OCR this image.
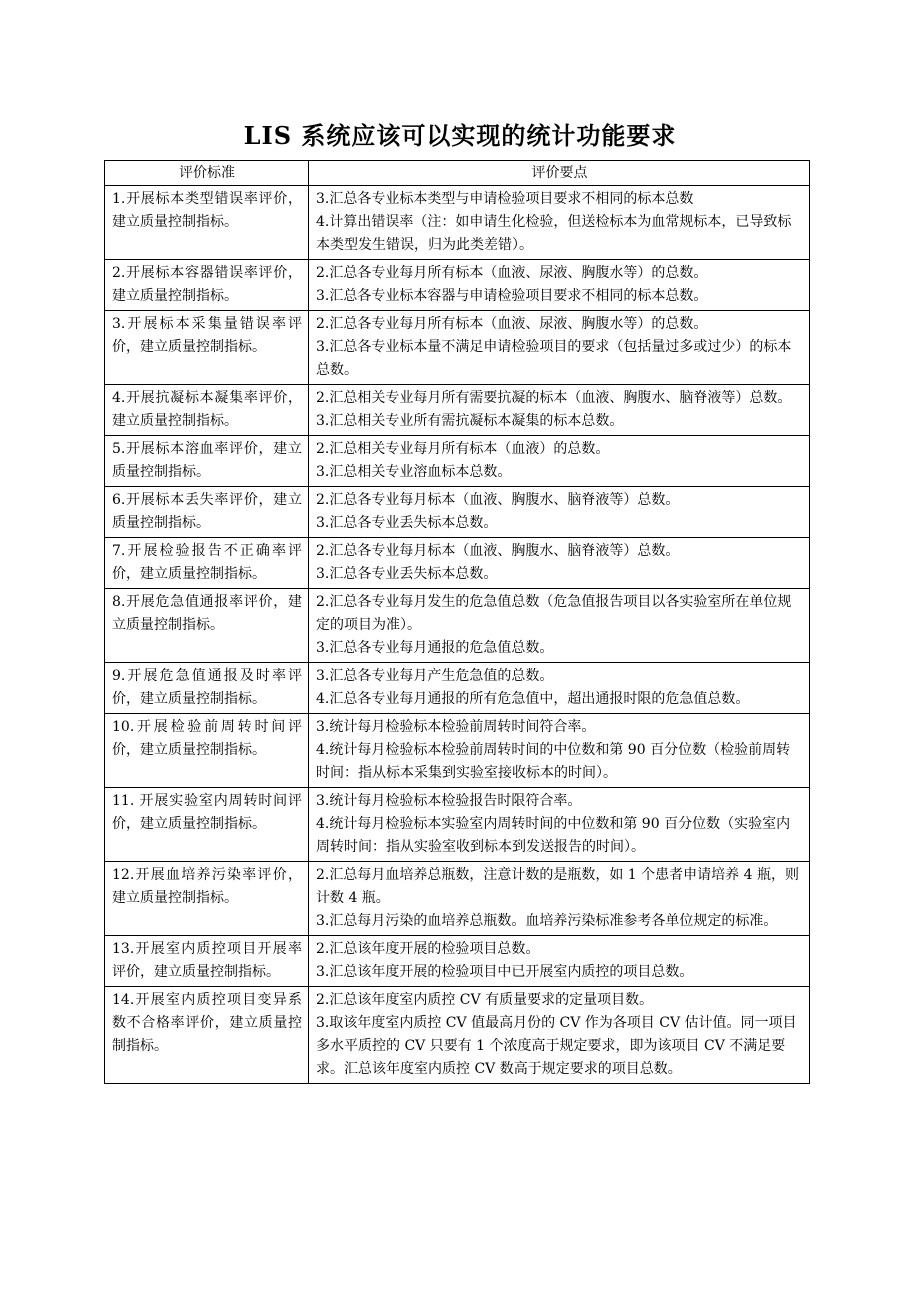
LIS 系统应该可以实现的统计功能要求
评价标准	评价要点
1.开展标本类型错误率评价，建立质量控制指标。	3.汇总各专业标本类型与申请检验项目要求不相同的标本总数
4.计算出错误率（注：如申请生化检验，但送检标本为血常规标本，已导致标本类型发生错误，归为此类差错）。

2.开展标本容器错误率评价，建立质量控制指标。	2.汇总各专业每月所有标本（血液、尿液、胸腹水等）的总数。
3.汇总各专业标本容器与申请检验项目要求不相同的标本总数。

3.开展标本采集量错误率评价，建立质量控制指标。	2.汇总各专业每月所有标本（血液、尿液、胸腹水等）的总数。
3.汇总各专业标本量不满足申请检验项目的要求（包括量过多或过少）的标本总数。

4.开展抗凝标本凝集率评价，建立质量控制指标。	2.汇总相关专业每月所有需要抗凝的标本（血液、胸腹水、脑脊液等）总数。
3.汇总相关专业所有需抗凝标本凝集的标本总数。

5.开展标本溶血率评价，建立质量控制指标。	2.汇总相关专业每月所有标本（血液）的总数。
3.汇总相关专业溶血标本总数。

6.开展标本丢失率评价，建立质量控制指标。	2.汇总各专业每月标本（血液、胸腹水、脑脊液等）总数。
3.汇总各专业丢失标本总数。

7.开展检验报告不正确率评价，建立质量控制指标。	2.汇总各专业每月标本（血液、胸腹水、脑脊液等）总数。
3.汇总各专业丢失标本总数。

8.开展危急值通报率评价，建立质量控制指标。	2.汇总各专业每月发生的危急值总数（危急值报告项目以各实验室所在单位规定的项目为准）。
3.汇总各专业每月通报的危急值总数。

9.开展危急值通报及时率评价，建立质量控制指标。	3.汇总各专业每月产生危急值的总数。
4.汇总各专业每月通报的所有危急值中，超出通报时限的危急值总数。

10.开展检验前周转时间评价，建立质量控制指标。	3.统计每月检验标本检验前周转时间符合率。
4.统计每月检验标本检验前周转时间的中位数和第 90 百分位数（检验前周转时间：指从标本采集到实验室接收标本的时间）。

11. 开展实验室内周转时间评价，建立质量控制指标。	3.统计每月检验标本检验报告时限符合率。
4.统计每月检验标本实验室内周转时间的中位数和第 90 百分位数（实验室内周转时间：指从实验室收到标本到发送报告的时间）。

12.开展血培养污染率评价，建立质量控制指标。	2.汇总每月血培养总瓶数，注意计数的是瓶数，如 1 个患者申请培养 4 瓶，则计数 4 瓶。
3.汇总每月污染的血培养总瓶数。血培养污染标准参考各单位规定的标准。

13.开展室内质控项目开展率评价，建立质量控制指标。	2.汇总该年度开展的检验项目总数。
3.汇总该年度开展的检验项目中已开展室内质控的项目总数。

14.开展室内质控项目变异系数不合格率评价，建立质量控制指标。	2.汇总该年度室内质控 CV 有质量要求的定量项目数。
3.取该年度室内质控 CV 值最高月份的 CV 作为各项目 CV 估计值。同一项目多水平质控的 CV 只要有 1 个浓度高于规定要求，即为该项目 CV 不满足要求。汇总该年度室内质控 CV 数高于规定要求的项目总数。
